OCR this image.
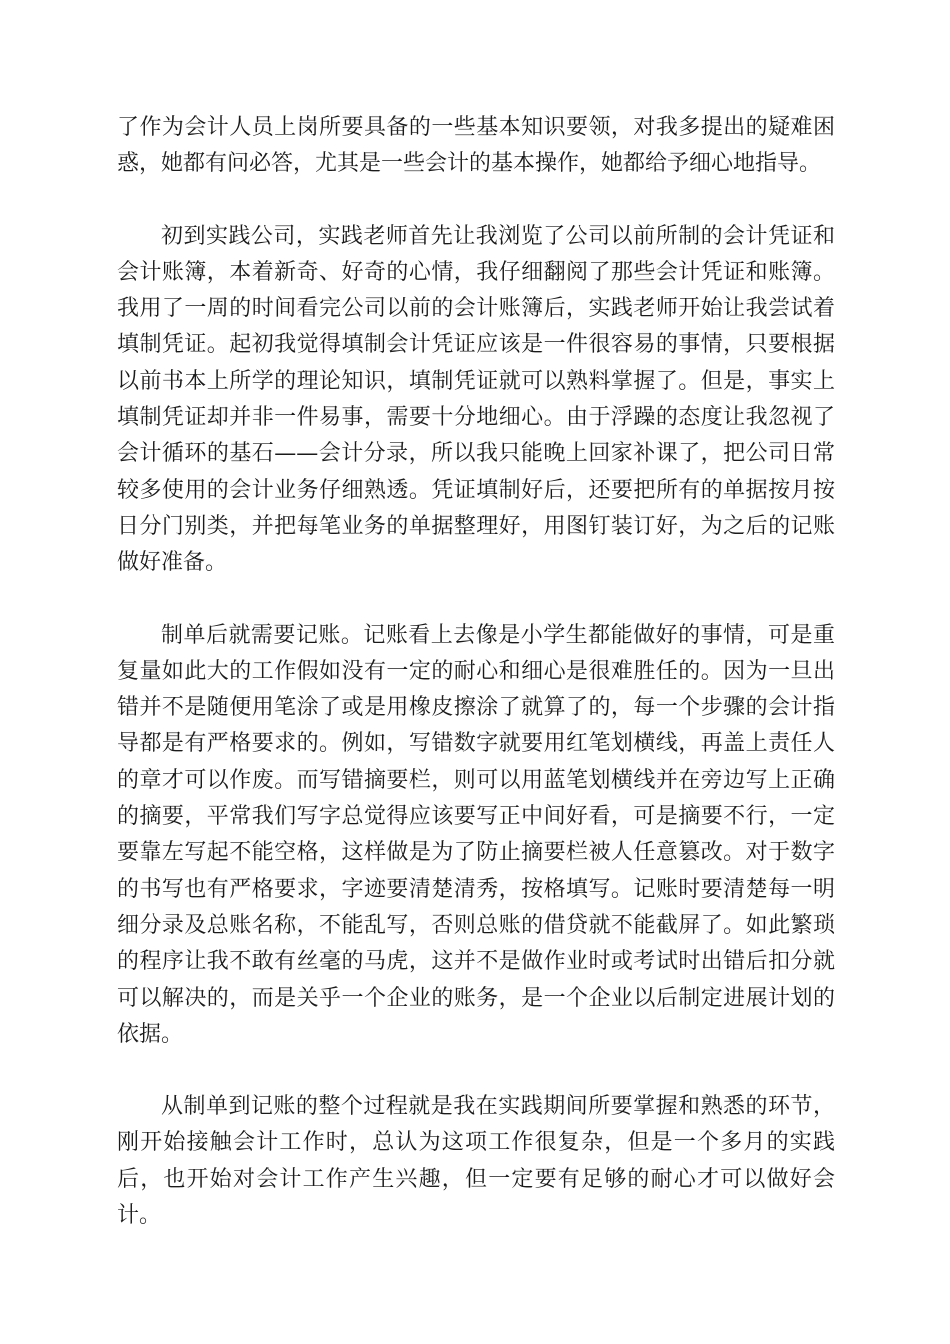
了作为会计人员上岗所要具备的一些基本知识要领，对我多提出的疑难困惑，她都有问必答，尤其是一些会计的基本操作，她都给予细心地指导。

初到实践公司，实践老师首先让我浏览了公司以前所制的会计凭证和会计账簿，本着新奇、好奇的心情，我仔细翻阅了那些会计凭证和账簿。我用了一周的时间看完公司以前的会计账簿后，实践老师开始让我尝试着填制凭证。起初我觉得填制会计凭证应该是一件很容易的事情，只要根据以前书本上所学的理论知识，填制凭证就可以熟料掌握了。但是，事实上填制凭证却并非一件易事，需要十分地细心。由于浮躁的态度让我忽视了会计循环的基石——会计分录，所以我只能晚上回家补课了，把公司日常较多使用的会计业务仔细熟透。凭证填制好后，还要把所有的单据按月按日分门别类，并把每笔业务的单据整理好，用图钉装订好，为之后的记账做好准备。

制单后就需要记账。记账看上去像是小学生都能做好的事情，可是重复量如此大的工作假如没有一定的耐心和细心是很难胜任的。因为一旦出错并不是随便用笔涂了或是用橡皮擦涂了就算了的，每一个步骤的会计指导都是有严格要求的。例如，写错数字就要用红笔划横线，再盖上责任人的章才可以作废。而写错摘要栏，则可以用蓝笔划横线并在旁边写上正确的摘要，平常我们写字总觉得应该要写正中间好看，可是摘要不行，一定要靠左写起不能空格，这样做是为了防止摘要栏被人任意篡改。对于数字的书写也有严格要求，字迹要清楚清秀，按格填写。记账时要清楚每一明细分录及总账名称，不能乱写，否则总账的借贷就不能截屏了。如此繁琐的程序让我不敢有丝毫的马虎，这并不是做作业时或考试时出错后扣分就可以解决的，而是关乎一个企业的账务，是一个企业以后制定进展计划的依据。

从制单到记账的整个过程就是我在实践期间所要掌握和熟悉的环节，刚开始接触会计工作时，总认为这项工作很复杂，但是一个多月的实践后，也开始对会计工作产生兴趣，但一定要有足够的耐心才可以做好会计。
